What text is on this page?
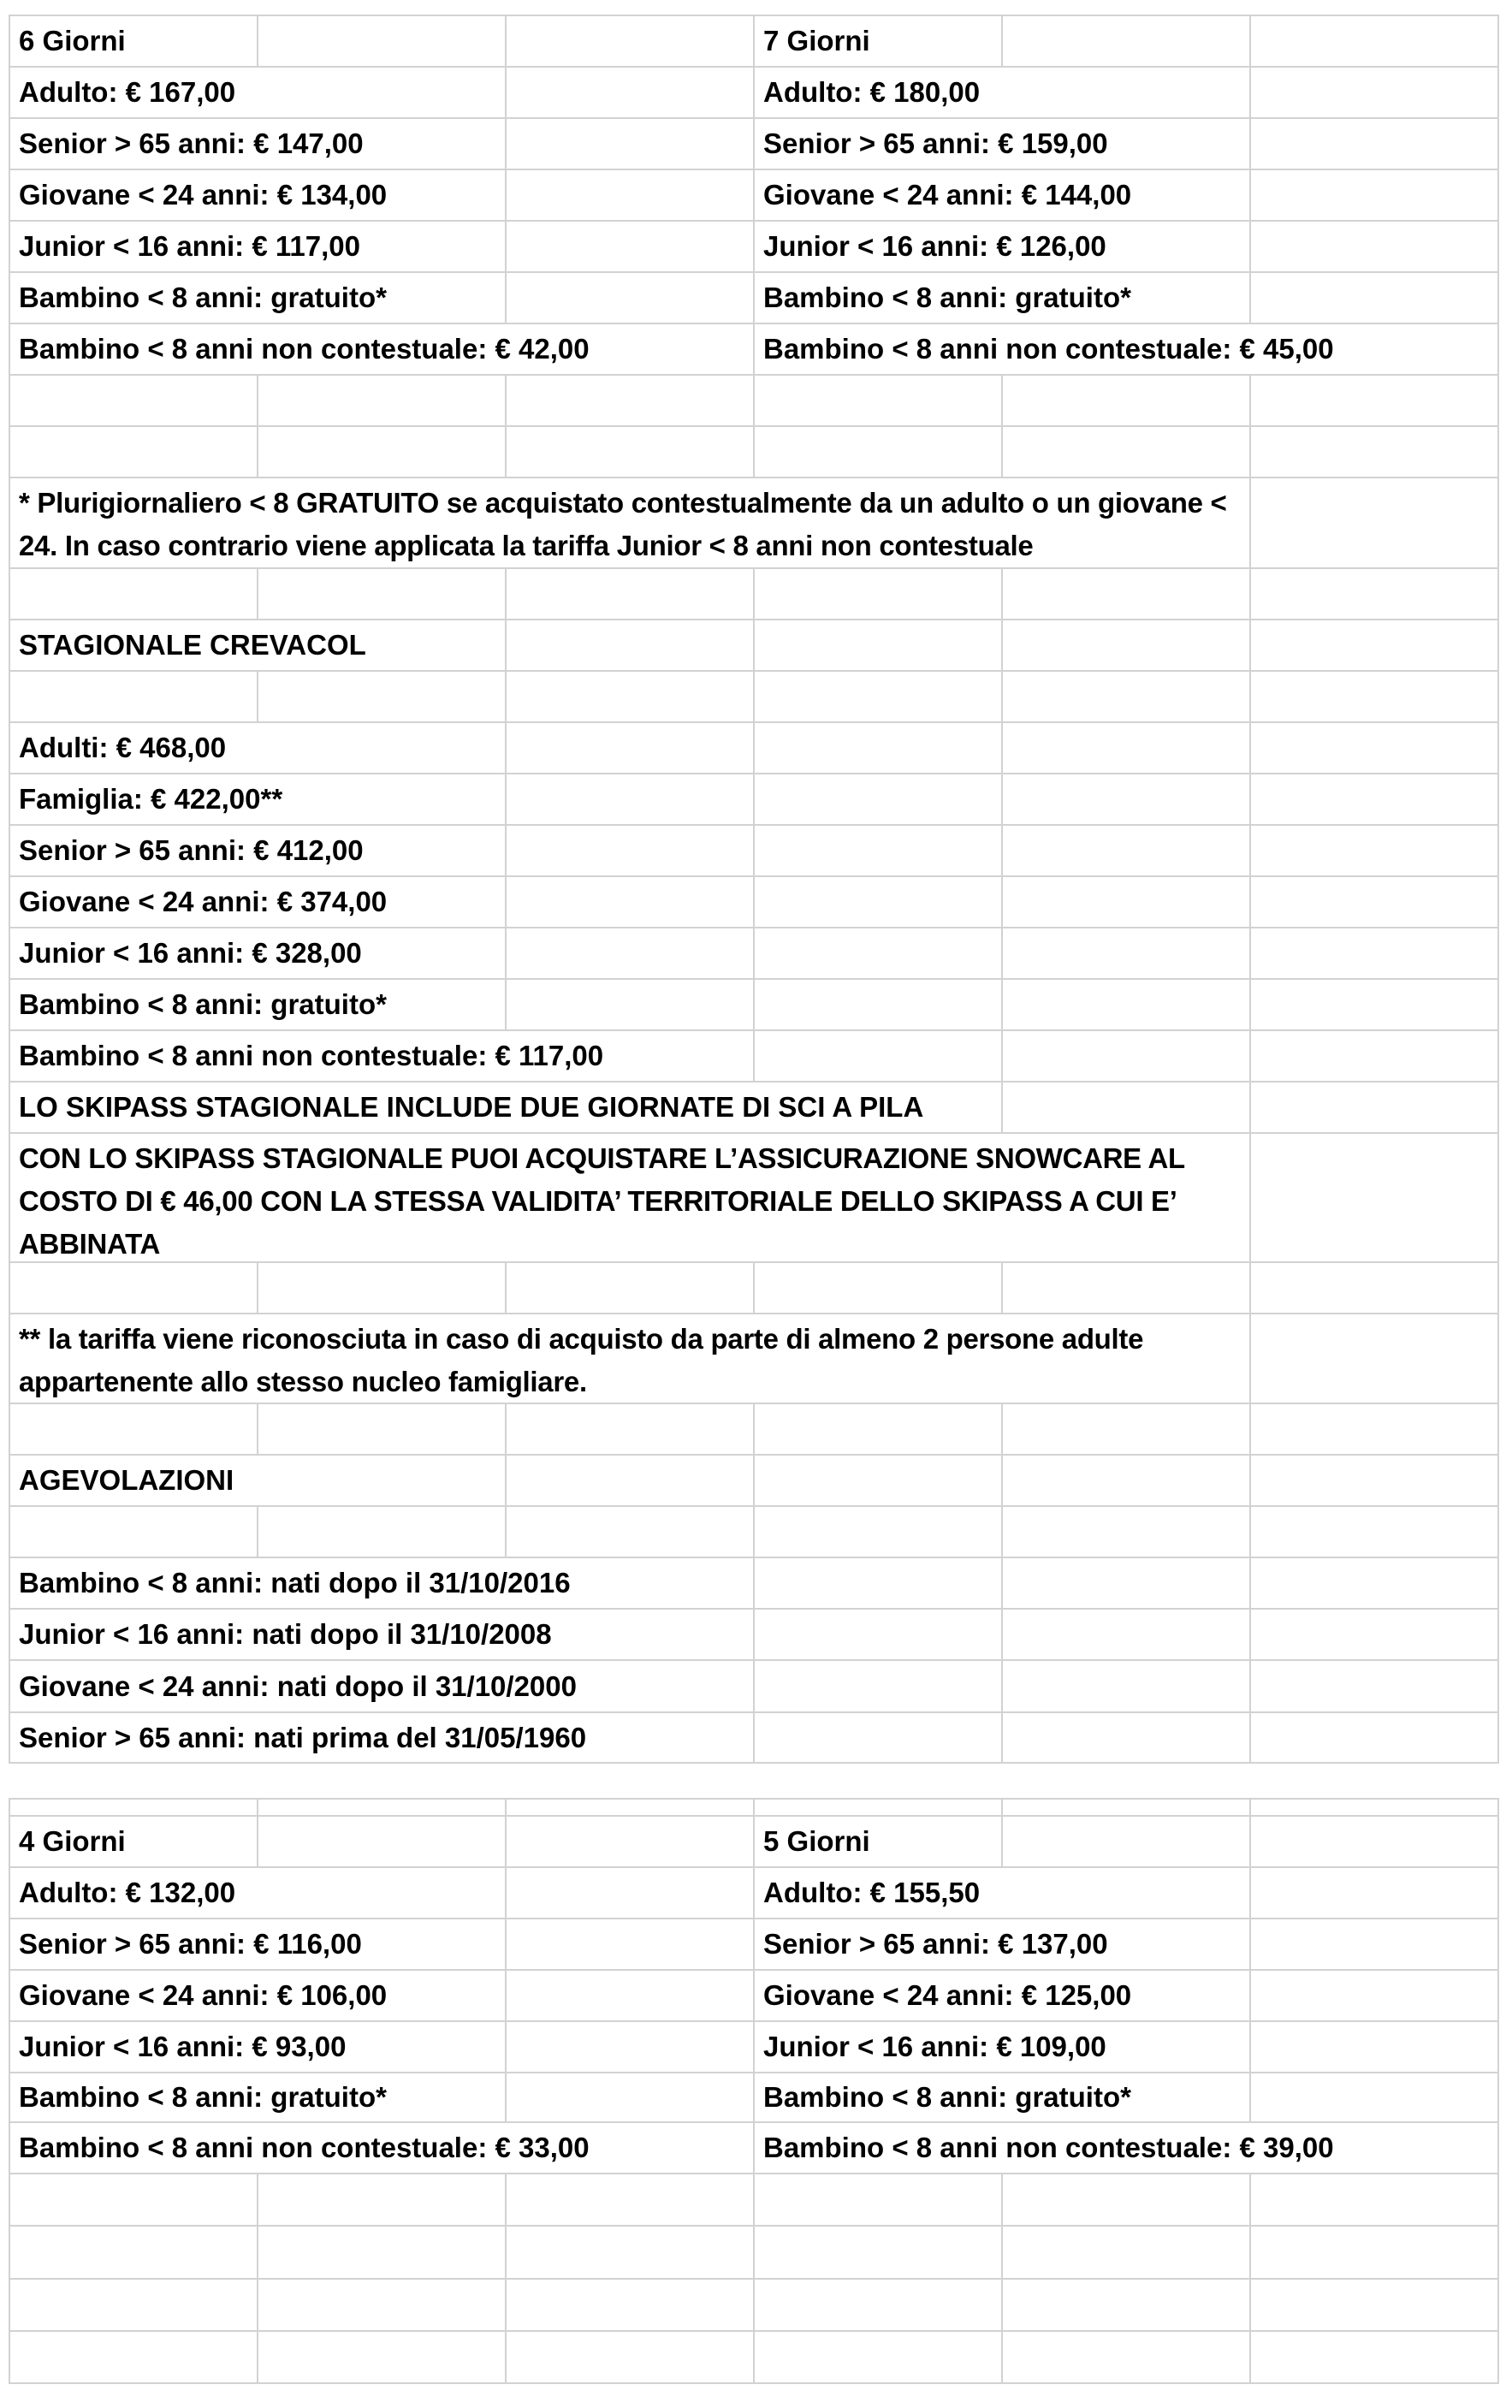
6 Giorni	7 Giorni
Adulto: € 167,00	Adulto: € 180,00
Senior > 65 anni: € 147,00	Senior > 65 anni: € 159,00
Giovane < 24 anni: € 134,00	Giovane < 24 anni: € 144,00
Junior < 16 anni: € 117,00	Junior < 16 anni: € 126,00
Bambino < 8 anni: gratuito*	Bambino < 8 anni: gratuito*
Bambino < 8 anni non contestuale: € 42,00	Bambino < 8 anni non contestuale: € 45,00
* Plurigiornaliero < 8 GRATUITO se acquistato contestualmente da un adulto o un giovane < 24. In caso contrario viene applicata la tariffa Junior < 8 anni non contestuale
STAGIONALE CREVACOL
Adulti: € 468,00
Famiglia: € 422,00**
Senior > 65 anni: € 412,00
Giovane < 24 anni: € 374,00
Junior < 16 anni: € 328,00
Bambino < 8 anni: gratuito*
Bambino < 8 anni non contestuale: € 117,00
LO SKIPASS STAGIONALE INCLUDE DUE GIORNATE DI SCI A PILA
CON LO SKIPASS STAGIONALE PUOI ACQUISTARE L’ASSICURAZIONE SNOWCARE AL COSTO DI € 46,00 CON LA STESSA VALIDITA’ TERRITORIALE DELLO SKIPASS A CUI E’ ABBINATA
** la tariffa viene riconosciuta in caso di acquisto da parte di almeno 2 persone adulte appartenente allo stesso nucleo famigliare.
AGEVOLAZIONI
Bambino < 8 anni: nati dopo il 31/10/2016
Junior < 16 anni: nati dopo il 31/10/2008
Giovane < 24 anni: nati dopo il 31/10/2000
Senior > 65 anni: nati prima del 31/05/1960
4 Giorni	5 Giorni
Adulto: € 132,00	Adulto: € 155,50
Senior > 65 anni: € 116,00	Senior > 65 anni: € 137,00
Giovane < 24 anni: € 106,00	Giovane < 24 anni: € 125,00
Junior < 16 anni: € 93,00	Junior < 16 anni: € 109,00
Bambino < 8 anni: gratuito*	Bambino < 8 anni: gratuito*
Bambino < 8 anni non contestuale: € 33,00	Bambino < 8 anni non contestuale: € 39,00
